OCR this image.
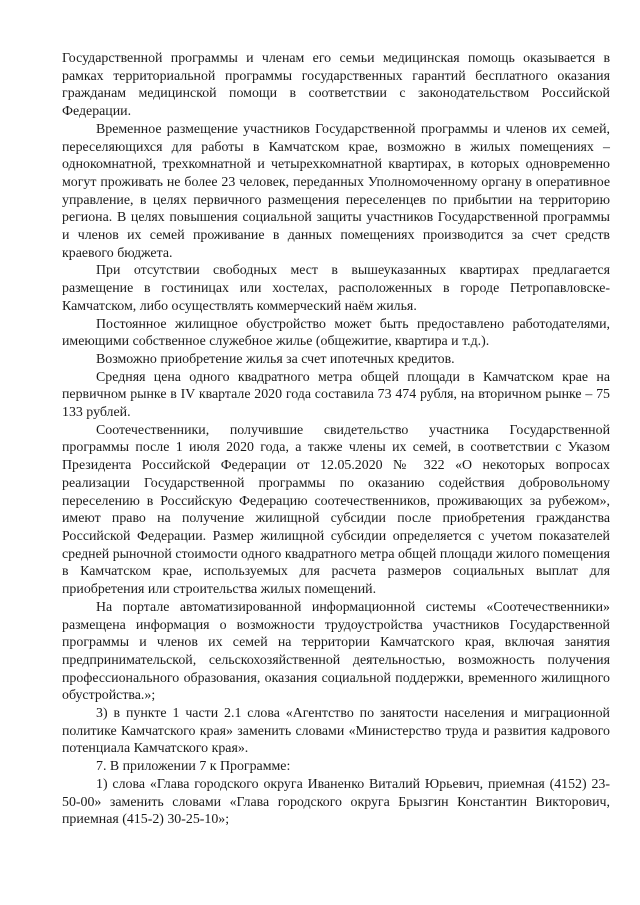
Государственной программы и членам его семьи медицинская помощь оказывается в рамках территориальной программы государственных гарантий бесплатного оказания гражданам медицинской помощи в соответствии с законодательством Российской Федерации.

Временное размещение участников Государственной программы и членов их семей, переселяющихся для работы в Камчатском крае, возможно в жилых помещениях – однокомнатной, трехкомнатной и четырехкомнатной квартирах, в которых одновременно могут проживать не более 23 человек, переданных Уполномоченному органу в оперативное управление, в целях первичного размещения переселенцев по прибытии на территорию региона. В целях повышения социальной защиты участников Государственной программы и членов их семей проживание в данных помещениях производится за счет средств краевого бюджета.

При отсутствии свободных мест в вышеуказанных квартирах предлагается размещение в гостиницах или хостелах, расположенных в городе Петропавловске-Камчатском, либо осуществлять коммерческий наём жилья.

Постоянное жилищное обустройство может быть предоставлено работодателями, имеющими собственное служебное жилье (общежитие, квартира и т.д.).

Возможно приобретение жилья за счет ипотечных кредитов.

Средняя цена одного квадратного метра общей площади в Камчатском крае на первичном рынке в IV квартале 2020 года составила 73 474 рубля, на вторичном рынке – 75 133 рублей.

Соотечественники, получившие свидетельство участника Государственной программы после 1 июля 2020 года, а также члены их семей, в соответствии с Указом Президента Российской Федерации от 12.05.2020 № 322 «О некоторых вопросах реализации Государственной программы по оказанию содействия добровольному переселению в Российскую Федерацию соотечественников, проживающих за рубежом», имеют право на получение жилищной субсидии после приобретения гражданства Российской Федерации. Размер жилищной субсидии определяется с учетом показателей средней рыночной стоимости одного квадратного метра общей площади жилого помещения в Камчатском крае, используемых для расчета размеров социальных выплат для приобретения или строительства жилых помещений.

На портале автоматизированной информационной системы «Соотечественники» размещена информация о возможности трудоустройства участников Государственной программы и членов их семей на территории Камчатского края, включая занятия предпринимательской, сельскохозяйственной деятельностью, возможность получения профессионального образования, оказания социальной поддержки, временного жилищного обустройства.»;

3) в пункте 1 части 2.1 слова «Агентство по занятости населения и миграционной политике Камчатского края» заменить словами «Министерство труда и развития кадрового потенциала Камчатского края».

7. В приложении 7 к Программе:

1) слова «Глава городского округа Иваненко Виталий Юрьевич, приемная (4152) 23-50-00» заменить словами «Глава городского округа Брызгин Константин Викторович, приемная (415-2) 30-25-10»;
